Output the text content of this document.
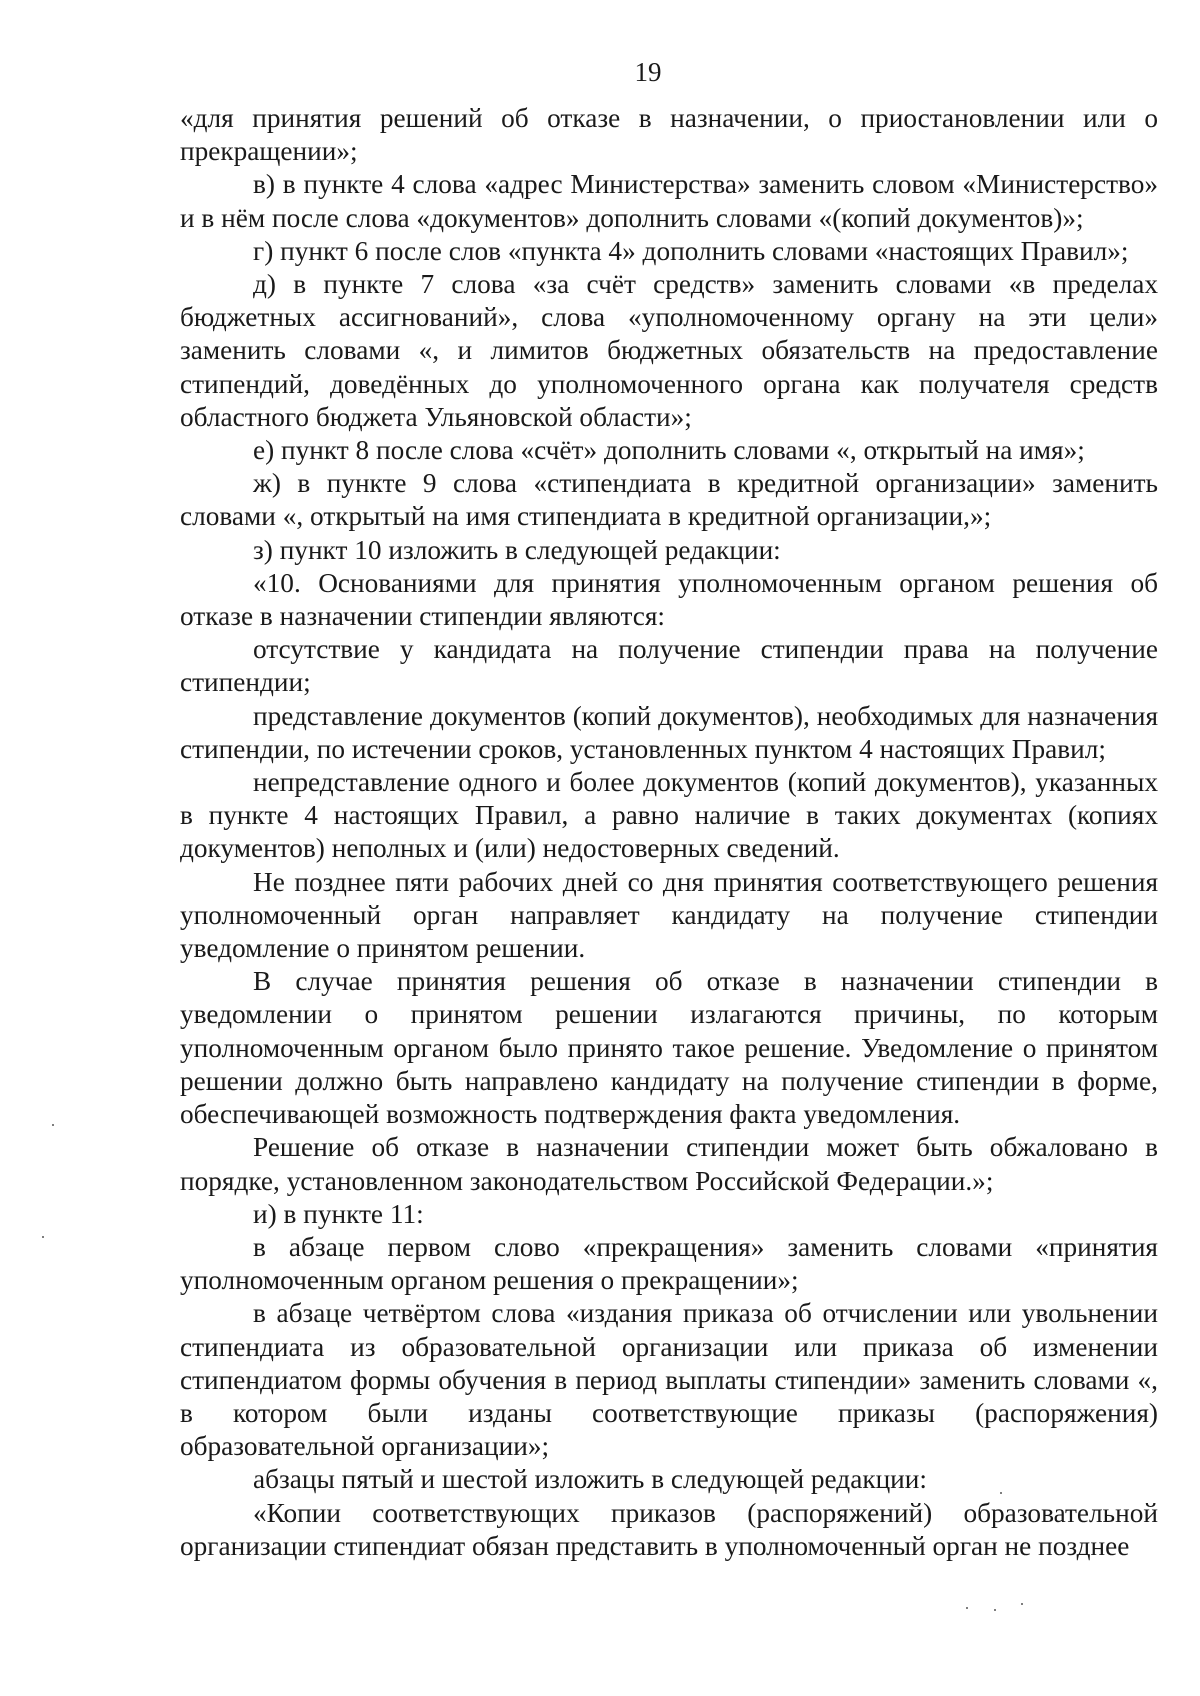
19

«для принятия решений об отказе в назначении, о приостановлении или о прекращении»;

в) в пункте 4 слова «адрес Министерства» заменить словом «Министерство» и в нём после слова «документов» дополнить словами «(копий документов)»;

г) пункт 6 после слов «пункта 4» дополнить словами «настоящих Правил»;

д) в пункте 7 слова «за счёт средств» заменить словами «в пределах бюджетных ассигнований», слова «уполномоченному органу на эти цели» заменить словами «, и лимитов бюджетных обязательств на предоставление стипендий, доведённых до уполномоченного органа как получателя средств областного бюджета Ульяновской области»;

е) пункт 8 после слова «счёт» дополнить словами «, открытый на имя»;

ж) в пункте 9 слова «стипендиата в кредитной организации» заменить словами «, открытый на имя стипендиата в кредитной организации,»;

з) пункт 10 изложить в следующей редакции:

«10. Основаниями для принятия уполномоченным органом решения об отказе в назначении стипендии являются:

отсутствие у кандидата на получение стипендии права на получение стипендии;

представление документов (копий документов), необходимых для назначения стипендии, по истечении сроков, установленных пунктом 4 настоящих Правил;

непредставление одного и более документов (копий документов), указанных в пункте 4 настоящих Правил, а равно наличие в таких документах (копиях документов) неполных и (или) недостоверных сведений.

Не позднее пяти рабочих дней со дня принятия соответствующего решения уполномоченный орган направляет кандидату на получение стипендии уведомление о принятом решении.

В случае принятия решения об отказе в назначении стипендии в уведомлении о принятом решении излагаются причины, по которым уполномоченным органом было принято такое решение. Уведомление о принятом решении должно быть направлено кандидату на получение стипендии в форме, обеспечивающей возможность подтверждения факта уведомления.

Решение об отказе в назначении стипендии может быть обжаловано в порядке, установленном законодательством Российской Федерации.»;

и) в пункте 11:

в абзаце первом слово «прекращения» заменить словами «принятия уполномоченным органом решения о прекращении»;

в абзаце четвёртом слова «издания приказа об отчислении или увольнении стипендиата из образовательной организации или приказа об изменении стипендиатом формы обучения в период выплаты стипендии» заменить словами «, в котором были изданы соответствующие приказы (распоряжения) образовательной организации»;

абзацы пятый и шестой изложить в следующей редакции:

«Копии соответствующих приказов (распоряжений) образовательной организации стипендиат обязан представить в уполномоченный орган не позднее
